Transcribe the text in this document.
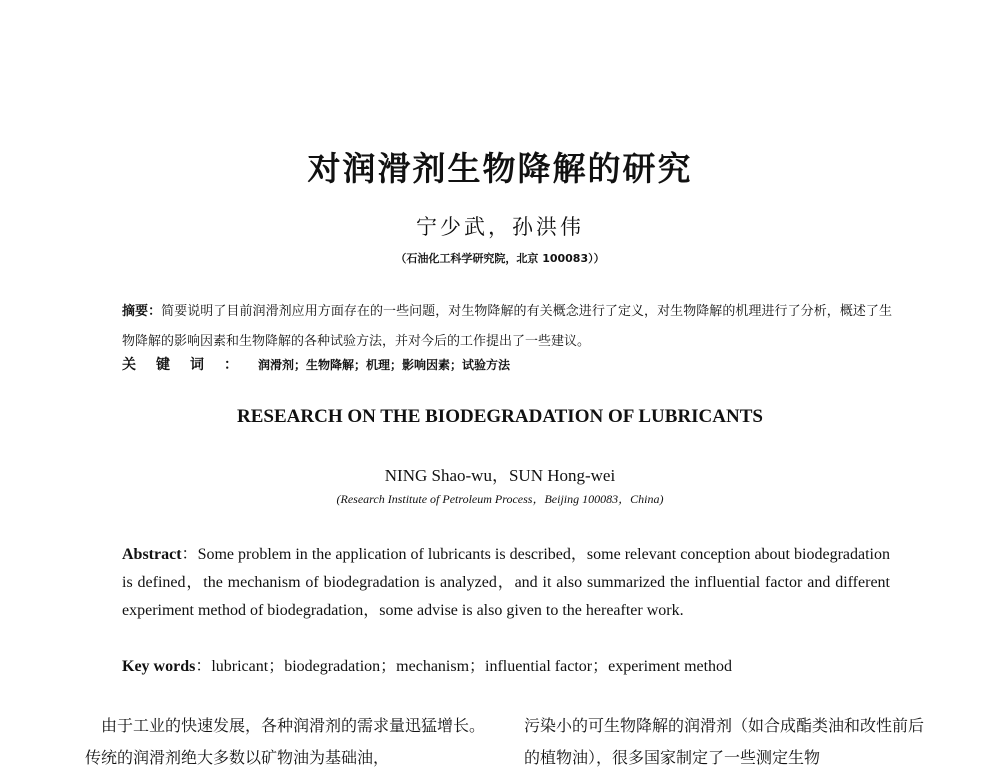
对润滑剂生物降解的研究
宁少武，孙洪伟
（石油化工科学研究院，北京 100083））
摘要：简要说明了目前润滑剂应用方面存在的一些问题，对生物降解的有关概念进行了定义，对生物降解的机理进行了分析，概述了生物降解的影响因素和生物降解的各种试验方法，并对今后的工作提出了一些建议。
关键词：润滑剂；生物降解；机理；影响因素；试验方法
RESEARCH ON THE BIODEGRADATION OF LUBRICANTS
NING Shao-wu，SUN Hong-wei
(Research Institute of Petroleum Process，Beijing 100083，China)
Abstract：Some problem in the application of lubricants is described，some relevant conception about biodegradation is defined，the mechanism of biodegradation is analyzed，and it also summarized the influential factor and different experiment method of biodegradation，some advise is also given to the hereafter work.
Key words：lubricant；biodegradation；mechanism；influential factor；experiment method
　由于工业的快速发展，各种润滑剂的需求量迅猛增长。传统的润滑剂绝大多数以矿物油为基础油，
污染小的可生物降解的润滑剂（如合成酯类油和改性前后的植物油），很多国家制定了一些测定生物
